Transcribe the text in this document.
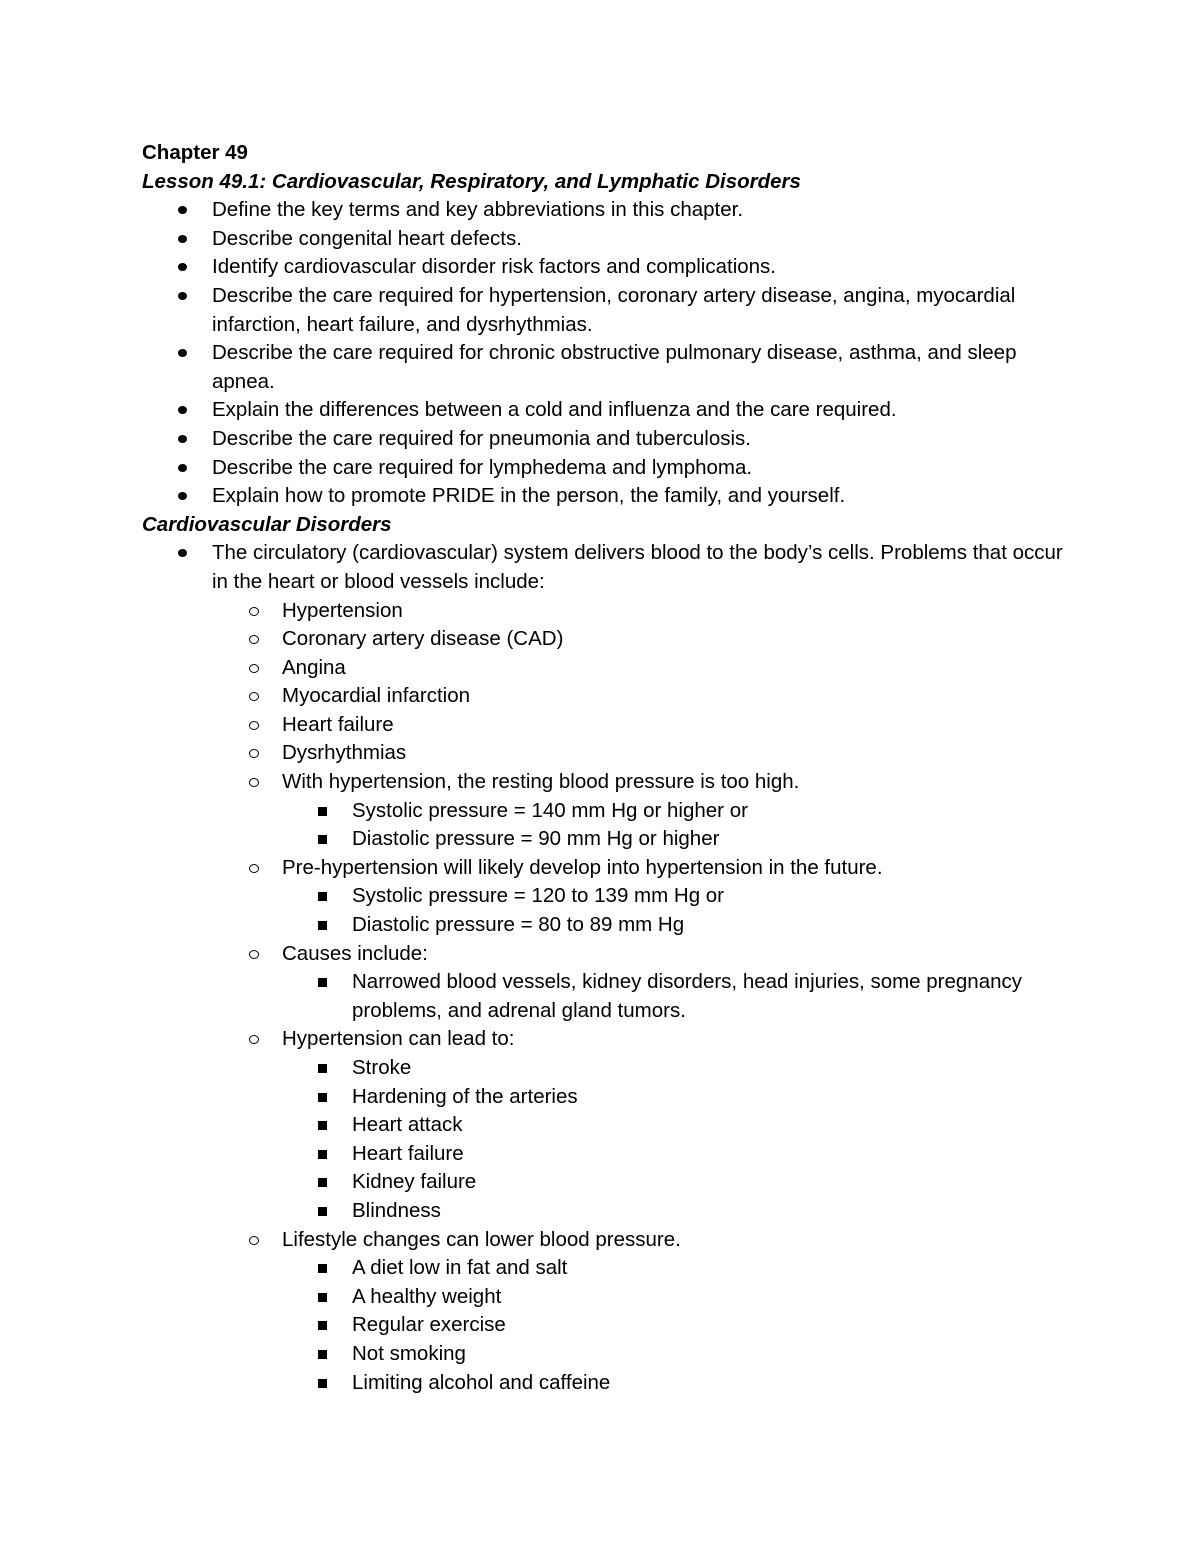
Chapter 49
Lesson 49.1: Cardiovascular, Respiratory, and Lymphatic Disorders
Define the key terms and key abbreviations in this chapter.
Describe congenital heart defects.
Identify cardiovascular disorder risk factors and complications.
Describe the care required for hypertension, coronary artery disease, angina, myocardial infarction, heart failure, and dysrhythmias.
Describe the care required for chronic obstructive pulmonary disease, asthma, and sleep apnea.
Explain the differences between a cold and influenza and the care required.
Describe the care required for pneumonia and tuberculosis.
Describe the care required for lymphedema and lymphoma.
Explain how to promote PRIDE in the person, the family, and yourself.
Cardiovascular Disorders
The circulatory (cardiovascular) system delivers blood to the body’s cells. Problems that occur in the heart or blood vessels include:
Hypertension
Coronary artery disease (CAD)
Angina
Myocardial infarction
Heart failure
Dysrhythmias
With hypertension, the resting blood pressure is too high.
Systolic pressure = 140 mm Hg or higher or
Diastolic pressure = 90 mm Hg or higher
Pre-hypertension will likely develop into hypertension in the future.
Systolic pressure = 120 to 139 mm Hg or
Diastolic pressure = 80 to 89 mm Hg
Causes include:
Narrowed blood vessels, kidney disorders, head injuries, some pregnancy problems, and adrenal gland tumors.
Hypertension can lead to:
Stroke
Hardening of the arteries
Heart attack
Heart failure
Kidney failure
Blindness
Lifestyle changes can lower blood pressure.
A diet low in fat and salt
A healthy weight
Regular exercise
Not smoking
Limiting alcohol and caffeine
